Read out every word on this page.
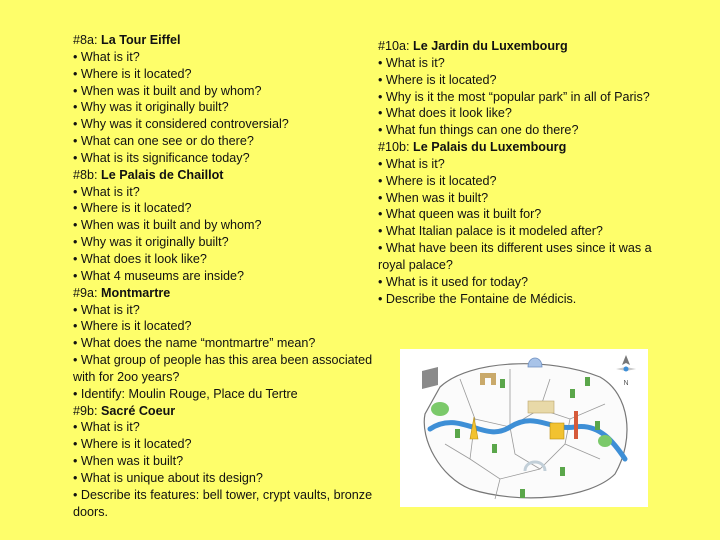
#8a: La Tour Eiffel
• What is it?
• Where is it located?
• When was it built and by whom?
• Why was it originally built?
• Why was it considered controversial?
• What can one see or do there?
• What is its significance today?
#8b: Le Palais de Chaillot
• What is it?
• Where is it located?
• When was it built and by whom?
• Why was it originally built?
• What does it look like?
• What 4 museums are inside?
#9a: Montmartre
• What is it?
• Where is it located?
• What does the name “montmartre” mean?
• What group of people has this area been associated with for 2oo years?
• Identify: Moulin Rouge, Place du Tertre
#9b: Sacré Coeur
• What is it?
• Where is it located?
• When was it built?
• What is unique about its design?
• Describe its features: bell tower, crypt vaults, bronze doors.
#10a: Le Jardin du Luxembourg
• What is it?
• Where is it located?
• Why is it the most “popular park” in all of Paris?
• What does it look like?
• What fun things can one do there?
#10b: Le Palais du Luxembourg
• What is it?
• Where is it located?
• When was it built?
• What queen was it built for?
• What Italian palace is it modeled after?
• What have been its different uses since it was a royal palace?
• What is it used for today?
• Describe the Fontaine de Médicis.
N
